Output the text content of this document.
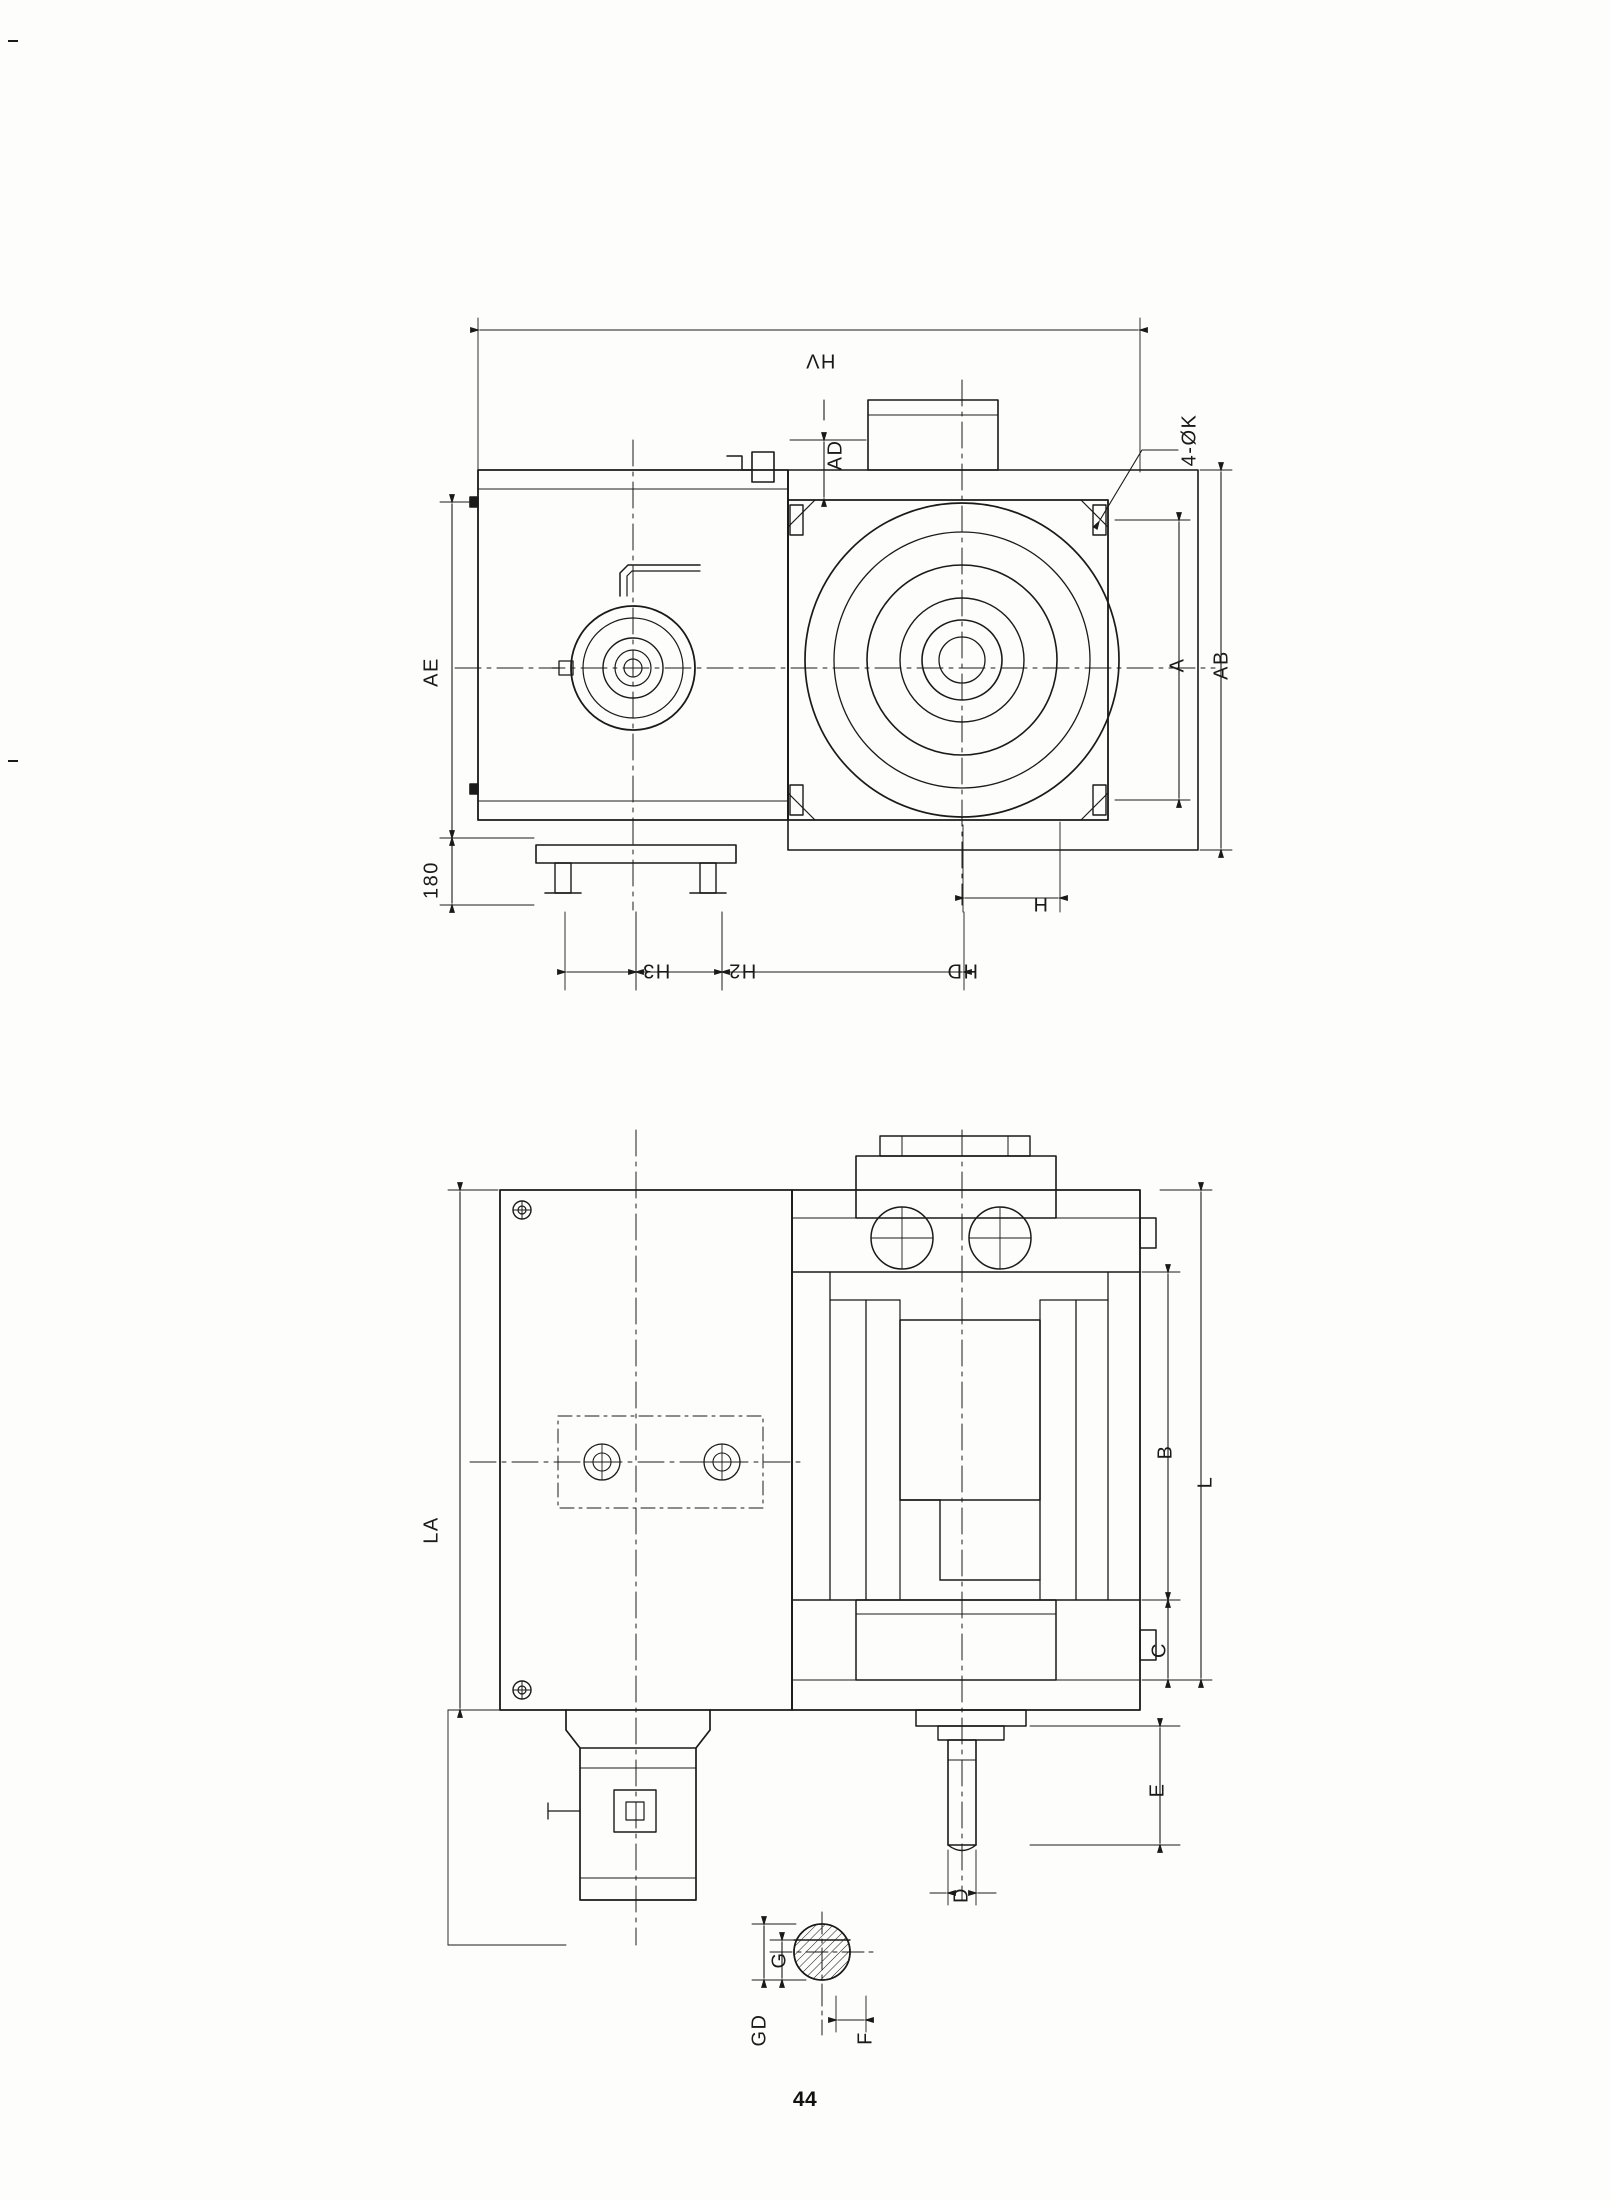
HV
AD	4-ØK
AE
180
A AB
H
HD
H2
H3
LA
B
L
C
E
D
G
GD	F
44
